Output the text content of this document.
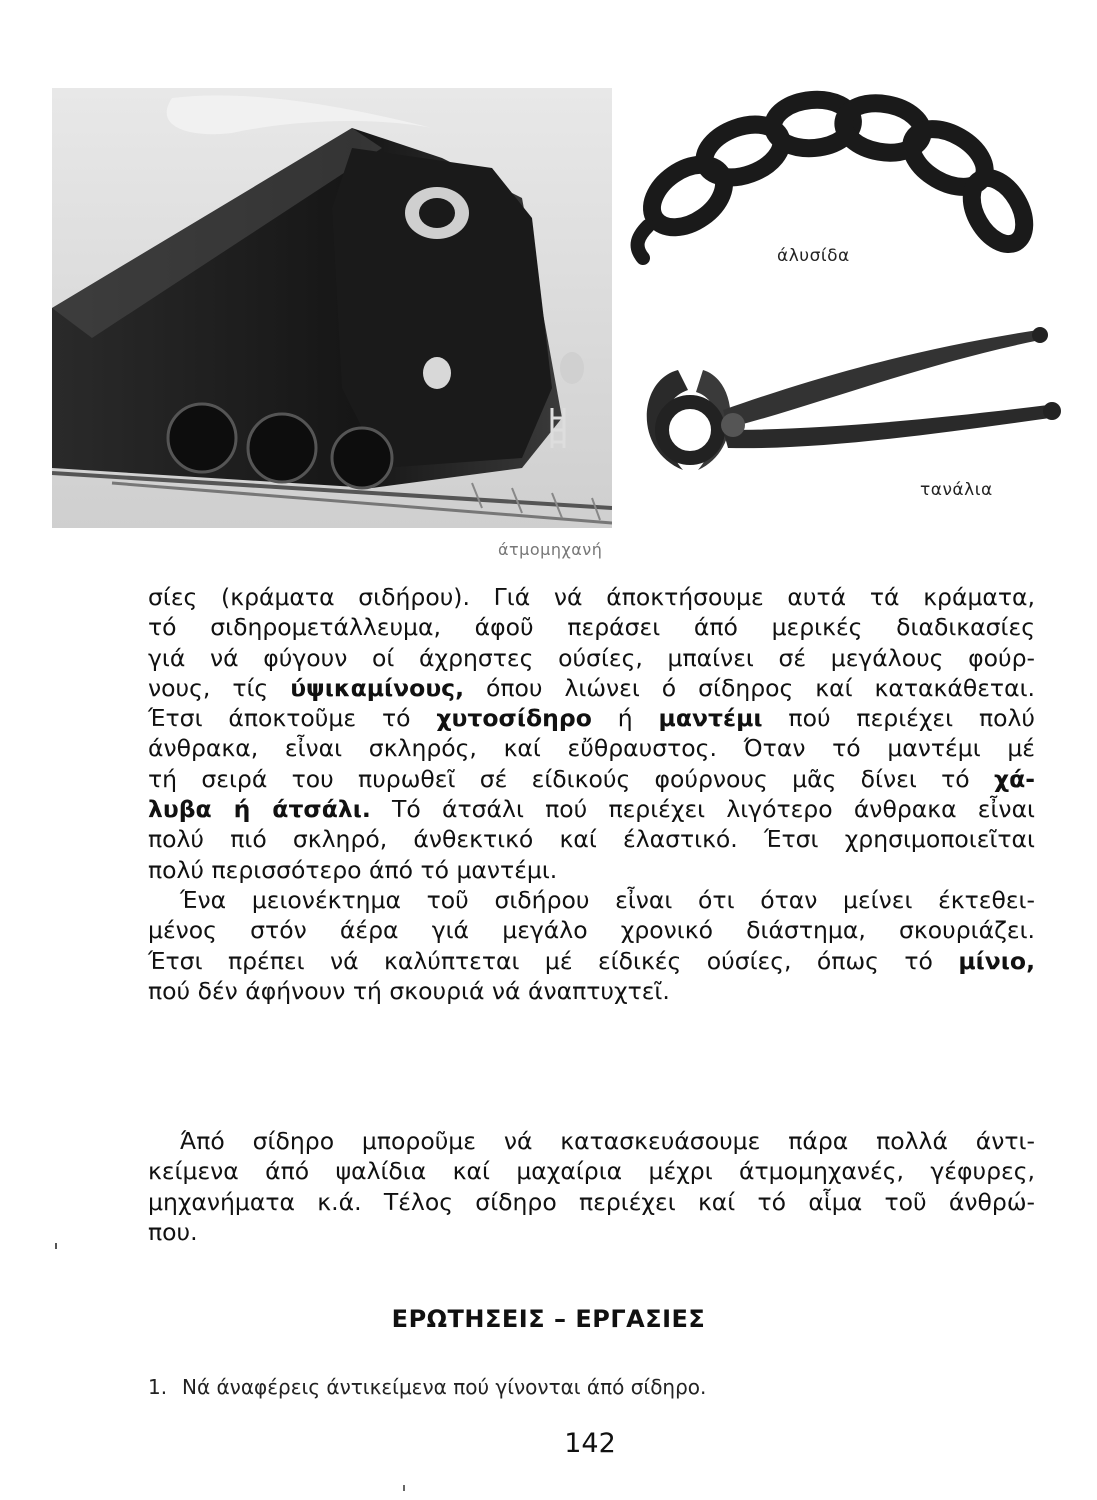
άλυσίδα
τανάλια
άτμομηχανή
σίες (κράματα σιδήρου). Γιά νά άποκτήσουμε αυτά τά κράματα,
τό σιδηρομετάλλευμα, άφοῦ περάσει άπό μερικές διαδικασίες
γιά νά φύγουν οί άχρηστες ούσίες, μπαίνει σέ μεγάλους φούρ-
νους, τίς ύψικαμίνους, όπου λιώνει ό σίδηρος καί κατακάθεται.
Έτσι άποκτοῦμε τό χυτοσίδηρο ή μαντέμι πού περιέχει πολύ
άνθρακα, εἶναι σκληρός, καί εὔθραυστος. Όταν τό μαντέμι μέ
τή σειρά του πυρωθεῖ σέ είδικούς φούρνους μᾶς δίνει τό χά-
λυβα ή άτσάλι. Τό άτσάλι πού περιέχει λιγότερο άνθρακα εἶναι
πολύ πιό σκληρό, άνθεκτικό καί έλαστικό. Έτσι χρησιμοποιεῖται
πολύ περισσότερο άπό τό μαντέμι.
Ένα μειονέκτημα τοῦ σιδήρου εἶναι ότι όταν μείνει έκτεθει-
μένος στόν άέρα γιά μεγάλο χρονικό διάστημα, σκουριάζει.
Έτσι πρέπει νά καλύπτεται μέ είδικές ούσίες, όπως τό μίνιο,
πού δέν άφήνουν τή σκουριά νά άναπτυχτεῖ.
Άπό σίδηρο μποροῦμε νά κατασκευάσουμε πάρα πολλά άντι-
κείμενα άπό ψαλίδια καί μαχαίρια μέχρι άτμομηχανές, γέφυρες,
μηχανήματα κ.ά. Τέλος σίδηρο περιέχει καί τό αἷμα τοῦ άνθρώ-
που.
ΕΡΩΤΗΣΕΙΣ – ΕΡΓΑΣΙΕΣ
1. Νά άναφέρεις άντικείμενα πού γίνονται άπό σίδηρο.
142
